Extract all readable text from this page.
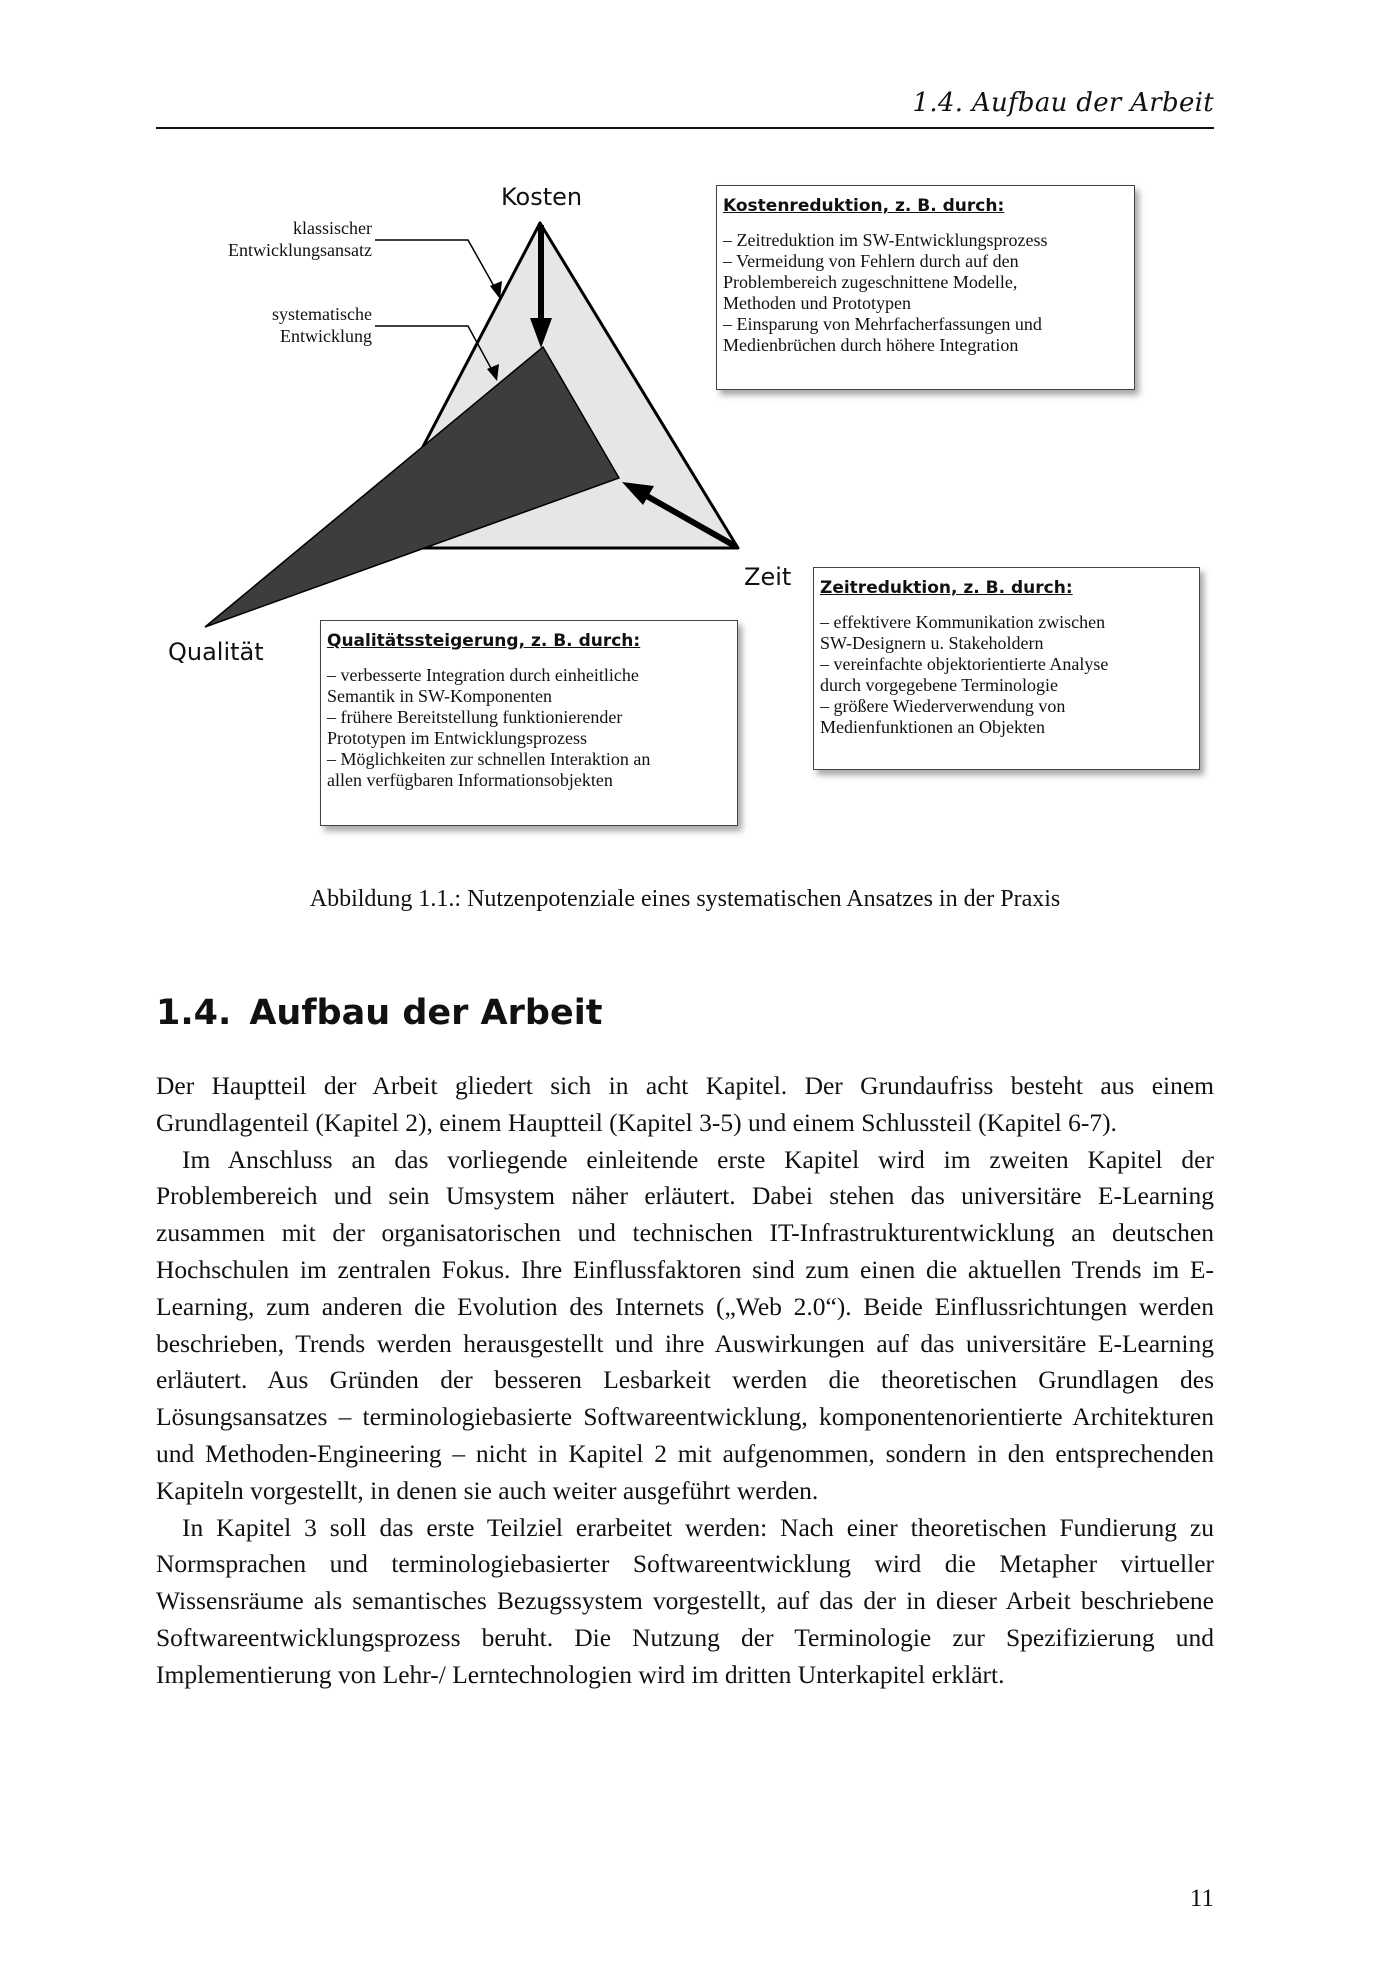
1.4. Aufbau der Arbeit
klassischer
Entwicklungsansatz
systematische
Entwicklung
Kosten
Zeit
Qualität
Kostenreduktion, z. B. durch:
– Zeitreduktion im SW-Entwicklungsprozess
– Vermeidung von Fehlern durch auf den
Problembereich zugeschnittene Modelle,
Methoden und Prototypen
– Einsparung von Mehrfacherfassungen und
Medienbrüchen durch höhere Integration
Zeitreduktion, z. B. durch:
– effektivere Kommunikation zwischen
SW-Designern u. Stakeholdern
– vereinfachte objektorientierte Analyse
durch vorgegebene Terminologie
– größere Wiederverwendung von
Medienfunktionen an Objekten
Qualitätssteigerung, z. B. durch:
– verbesserte Integration durch einheitliche
Semantik in SW-Komponenten
– frühere Bereitstellung funktionierender
Prototypen im Entwicklungsprozess
– Möglichkeiten zur schnellen Interaktion an
allen verfügbaren Informationsobjekten
Abbildung 1.1.: Nutzenpotenziale eines systematischen Ansatzes in der Praxis
1.4. Aufbau der Arbeit

Der Hauptteil der Arbeit gliedert sich in acht Kapitel. Der Grundaufriss besteht aus einem Grundlagenteil (Kapitel 2), einem Hauptteil (Kapitel 3-5) und einem Schlussteil (Kapitel 6-7).

Im Anschluss an das vorliegende einleitende erste Kapitel wird im zweiten Kapitel der Problembereich und sein Umsystem näher erläutert. Dabei stehen das universitäre E-Learning zusammen mit der organisatorischen und technischen IT-Infrastrukturentwicklung an deutschen Hochschulen im zentralen Fokus. Ihre Einflussfaktoren sind zum einen die aktuellen Trends im E-Learning, zum anderen die Evolution des Internets („Web 2.0“). Beide Einflussrichtungen werden beschrieben, Trends werden herausgestellt und ihre Auswirkungen auf das universitäre E-Learning erläutert. Aus Gründen der besseren Lesbarkeit werden die theoretischen Grundlagen des Lösungsansatzes – terminologiebasierte Softwareentwicklung, komponentenorientierte Architekturen und Methoden-Engineering – nicht in Kapitel 2 mit aufgenommen, sondern in den entsprechenden Kapiteln vorgestellt, in denen sie auch weiter ausgeführt werden.

In Kapitel 3 soll das erste Teilziel erarbeitet werden: Nach einer theoretischen Fundierung zu Normsprachen und terminologiebasierter Softwareentwicklung wird die Metapher virtueller Wissensräume als semantisches Bezugssystem vorgestellt, auf das der in dieser Arbeit beschriebene Softwareentwicklungsprozess beruht. Die Nutzung der Terminologie zur Spezifizierung und Implementierung von Lehr-/ Lerntechnologien wird im dritten Unterkapitel erklärt.

11
